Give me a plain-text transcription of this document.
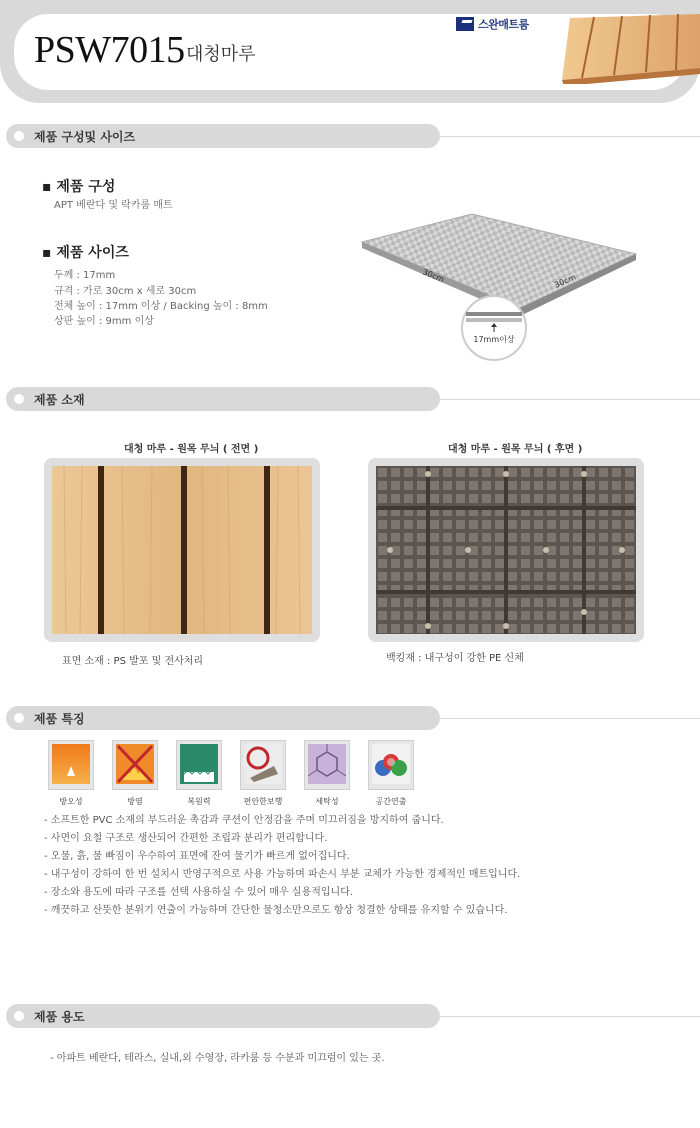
PSW7015 대청마루
스완매트룸
제품 구성및 사이즈
▪ 제품 구성
APT 베란다 및 락카룸 매트
▪ 제품 사이즈
두께 : 17mm
규격 : 가로 30cm x 세로 30cm
전체 높이 : 17mm 이상 / Backing 높이 : 8mm
상판 높이 : 9mm 이상
30cm	30cm
17mm이상
제품 소재
대청 마루 - 원목 무늬 ( 전면 )	대청 마루 - 원목 무늬 ( 후면 )
표면 소재 : PS 발포 및 전사처리	백킹재 : 내구성이 강한 PE 신체
제품 특징
방오성	방염	복원력	편안한보행	세탁성	공간연출
- 소프트한 PVC 소재의 부드러운 촉감과 쿠션이 안정감을 주며 미끄러짐을 방지하여 줍니다.
- 사면이 요철 구조로 생산되어 간편한 조립과 분리가 편리합니다.
- 오물, 흙, 물 빠짐이 우수하여 표면에 잔여 물기가 빠르게 없어집니다.
- 내구성이 강하여 한 번 설치시 반영구적으로 사용 가능하며 파손시 부분 교체가 가능한 경제적인 매트입니다.
- 장소와 용도에 따라 구조를 선택 사용하실 수 있어 매우 실용적입니다.
- 깨끗하고 산뜻한 분위기 연출이 가능하며 간단한 물청소만으로도 항상 청결한 상태를 유지할 수 있습니다.
제품 용도
- 아파트 베란다, 테라스, 실내,외 수영장, 라카룸 등 수분과 미끄럼이 있는 곳.
